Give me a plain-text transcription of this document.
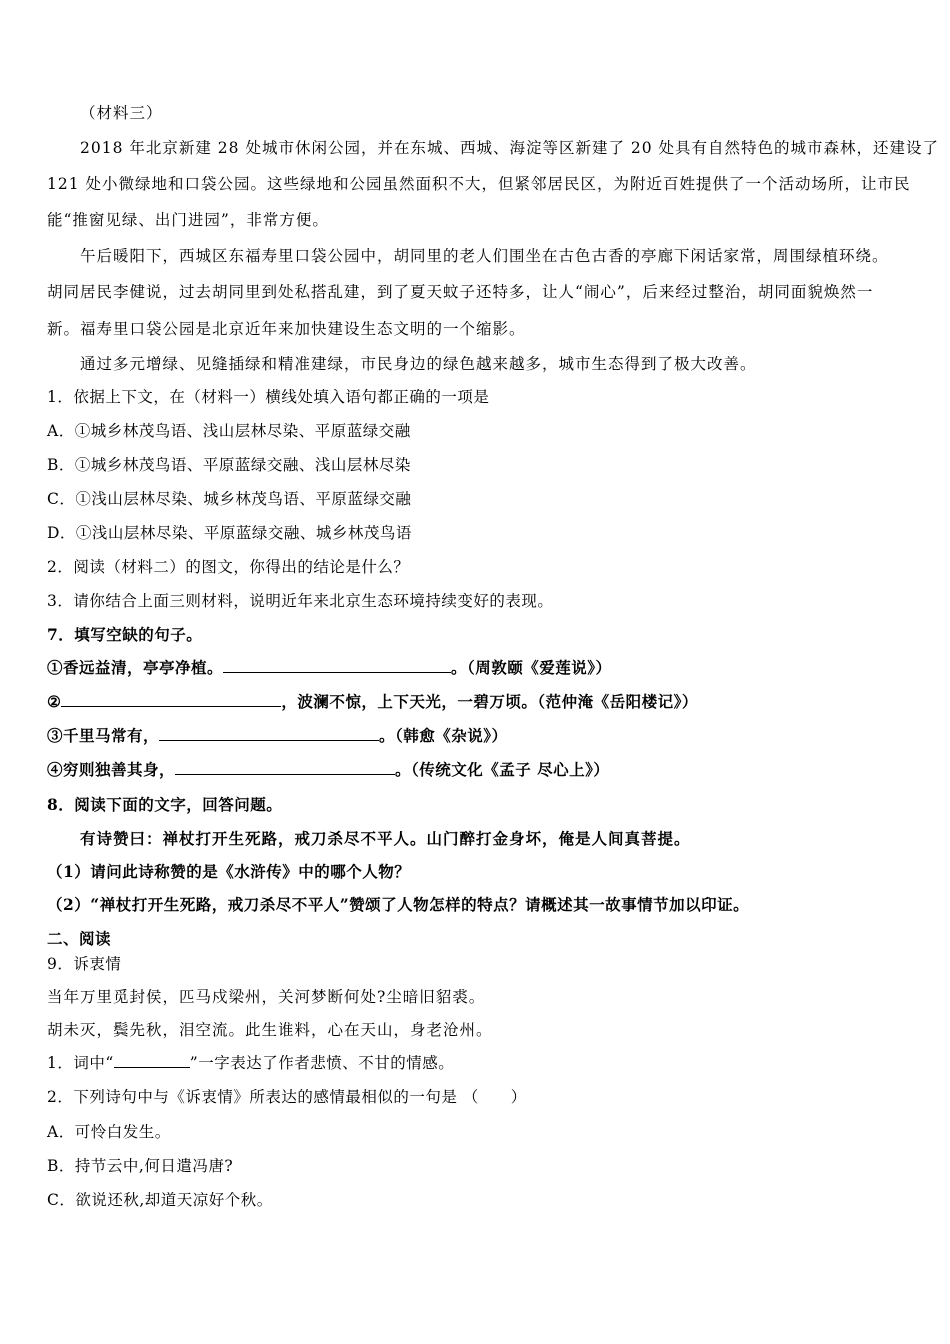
（材料三）
2018 年北京新建 28 处城市休闲公园，并在东城、西城、海淀等区新建了 20 处具有自然特色的城市森林，还建设了
121 处小微绿地和口袋公园。这些绿地和公园虽然面积不大，但紧邻居民区，为附近百姓提供了一个活动场所，让市民
能“推窗见绿、出门进园”，非常方便。
午后暖阳下，西城区东福寿里口袋公园中，胡同里的老人们围坐在古色古香的亭廊下闲话家常，周围绿植环绕。
胡同居民李健说，过去胡同里到处私搭乱建，到了夏天蚊子还特多，让人“闹心”，后来经过整治，胡同面貌焕然一
新。福寿里口袋公园是北京近年来加快建设生态文明的一个缩影。
通过多元增绿、见缝插绿和精准建绿，市民身边的绿色越来越多，城市生态得到了极大改善。
1．依据上下文，在（材料一）横线处填入语句都正确的一项是
A．①城乡林茂鸟语、浅山层林尽染、平原蓝绿交融
B．①城乡林茂鸟语、平原蓝绿交融、浅山层林尽染
C．①浅山层林尽染、城乡林茂鸟语、平原蓝绿交融
D．①浅山层林尽染、平原蓝绿交融、城乡林茂鸟语
2．阅读（材料二）的图文，你得出的结论是什么？
3．请你结合上面三则材料，说明近年来北京生态环境持续变好的表现。
7．填写空缺的句子。
①香远益清，亭亭净植。	。（周敦颐《爱莲说》）
②	，波澜不惊，上下天光，一碧万顷。（范仲淹《岳阳楼记》）
③千里马常有，	。（韩愈《杂说》）
④穷则独善其身，	。（传统文化《孟子 尽心上》）
8．阅读下面的文字，回答问题。
有诗赞曰：禅杖打开生死路，戒刀杀尽不平人。山门醉打金身坏，俺是人间真菩提。
（1）请问此诗称赞的是《水浒传》中的哪个人物？
（2）“禅杖打开生死路，戒刀杀尽不平人”赞颂了人物怎样的特点？请概述其一故事情节加以印证。
二、阅读
9．诉衷情
当年万里觅封侯，匹马戍梁州，关河梦断何处?尘暗旧貂裘。
胡未灭，鬓先秋，泪空流。此生谁料，心在天山，身老沧州。
1．词中“	”一字表达了作者悲愤、不甘的情感。
2．下列诗句中与《诉衷情》所表达的感情最相似的一句是 （　　）
A．可怜白发生。
B．持节云中,何日遣冯唐?
C．欲说还秋,却道天凉好个秋。
